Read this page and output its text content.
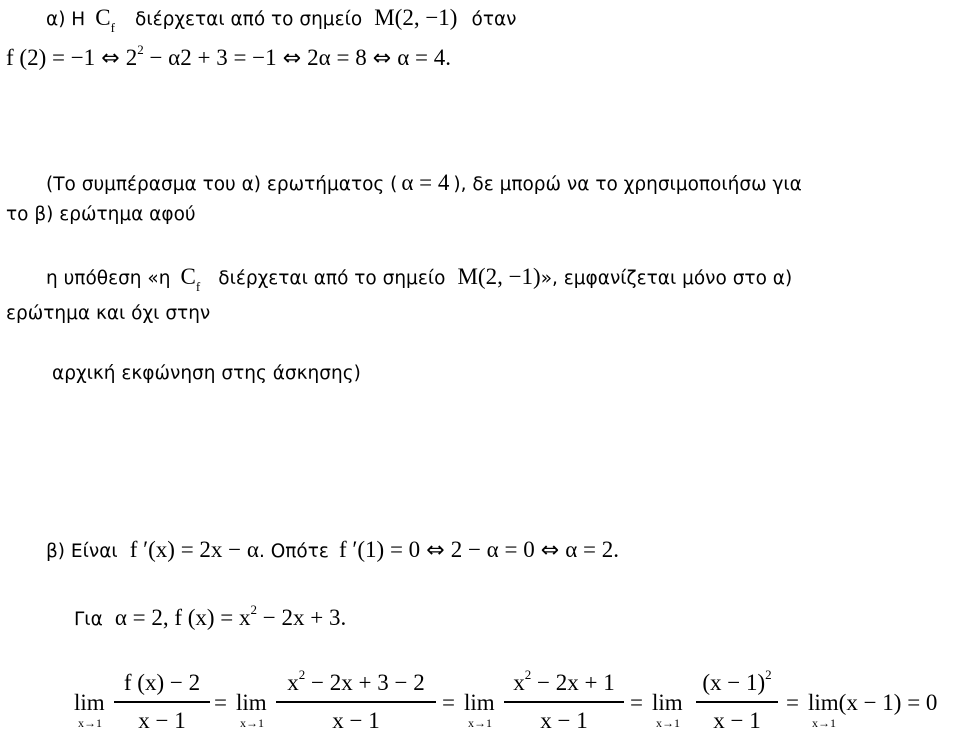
α) Η $C_f$ διέρχεται από το σημείο Μ(2, −1) όταν
f (2) = −1 ⇔ $2^2 - \alpha 2 + 3 = -1$ ⇔ 2α = 8 ⇔ α = 4.
(Το συμπέρασμα του α) ερωτήματος ( α = 4 ), δε μπορώ να το χρησιμοποιήσω για
το β) ερώτημα αφού
η υπόθεση «η $C_f$ διέρχεται από το σημείο Μ(2, −1)», εμφανίζεται μόνο στο α)
ερώτημα και όχι στην
αρχική εκφώνηση στης άσκησης)
β) Είναι f ′(x) = 2x − α. Οπότε f ′(1) = 0 ⇔ 2 − α = 0 ⇔ α = 2.
Για α = 2, f $(x) = x^2 - 2x + 3$.
lim
x→1
f (x) − 2
x − 1
= lim
x→1
$x^2 - 2x + 3 - 2$
x − 1
= lim
x→1
$x^2 - 2x + 1$
x − 1
= lim
x→1
$(x - 1)^2$
x − 1
= lim(x − 1) = 0
x→1
